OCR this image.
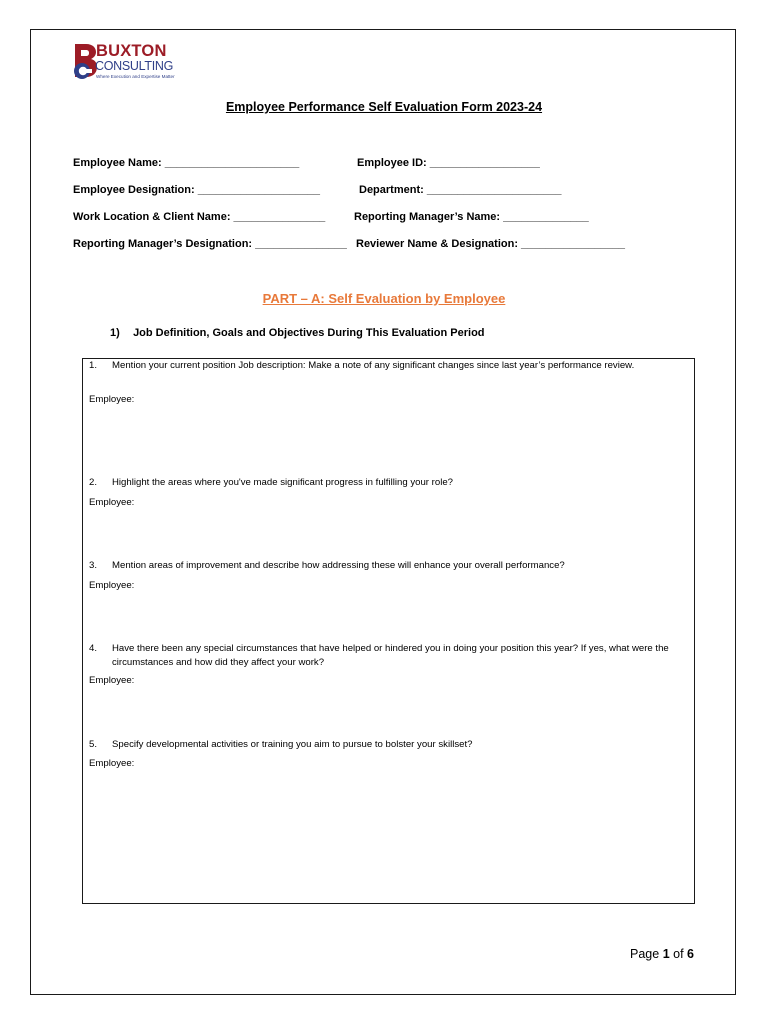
BUXTON
CONSULTING
Where Execution and Expertise Matter
Employee Performance Self Evaluation Form 2023-24
Employee Name: ______________________	Employee ID: __________________
Employee Designation: ____________________	Department: ______________________
Work Location & Client Name: _______________	Reporting Manager’s Name: ______________
Reporting Manager’s Designation: _______________ Reviewer Name & Designation: _________________
PART – A: Self Evaluation by Employee
1) Job Definition, Goals and Objectives During This Evaluation Period
1.	Mention your current position Job description: Make a note of any significant changes since last year’s performance review.
Employee:
2.	Highlight the areas where you've made significant progress in fulfilling your role?
Employee:
3.	Mention areas of improvement and describe how addressing these will enhance your overall performance?
Employee:
4.	Have there been any special circumstances that have helped or hindered you in doing your position this year? If yes, what were the circumstances and how did they affect your work?
Employee:
5.	Specify developmental activities or training you aim to pursue to bolster your skillset?
Employee:
Page 1 of 6
